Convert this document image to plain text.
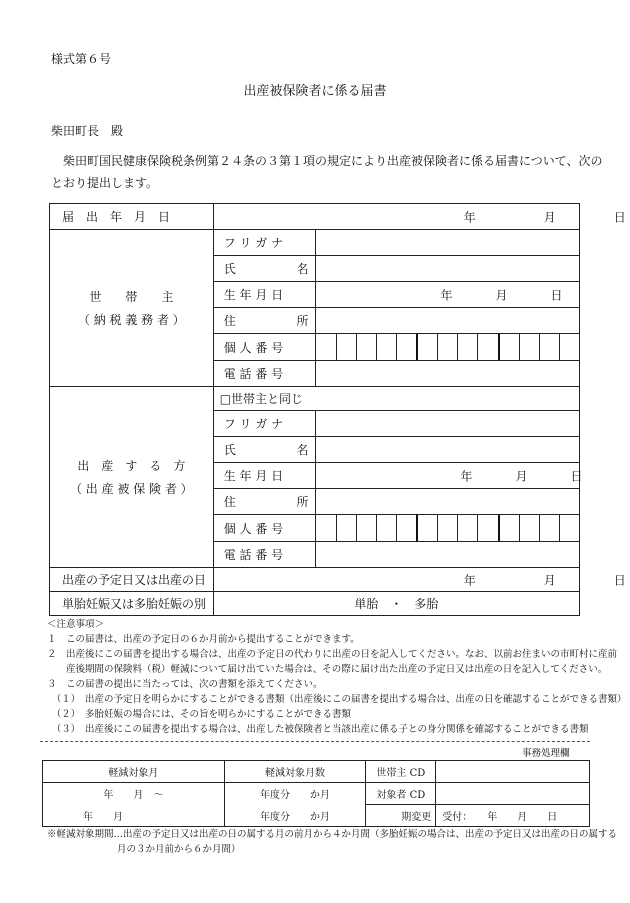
様式第６号
出産被保険者に係る届書
柴田町長　殿
柴田町国民健康保険税条例第２４条の３第１項の規定により出産被保険者に係る届書について、次の
とおり提出します。
届　出　年　月　日	年 月 日	

世　　帯　　主
（ 納 税 義 務 者 ）	フ リ ガ ナ	

	氏 名	

生 年 月 日	年 月 日

	住 所	

個 人 番 号	

電 話 番 号	

出　産　す　る　方
（ 出 産 被 保 険 者 ）	□世帯主と同じ	

フ リ ガ ナ	

	氏 名	

生 年 月 日	年 月 日

	住 所	

個 人 番 号	

電 話 番 号	

出産の予定日又は出産の日	年 月 日	

単胎妊娠又は多胎妊娠の別	単胎　・　多胎	
＜注意事項＞
１　この届書は、出産の予定日の６か月前から提出することができます。
２　出産後にこの届書を提出する場合は、出産の予定日の代わりに出産の日を記入してください。なお、以前お住まいの市町村に産前
　　産後期間の保険料（税）軽減について届け出ていた場合は、その際に届け出た出産の予定日又は出産の日を記入してください。
３　この届書の提出に当たっては、次の書類を添えてください。
　（１）　出産の予定日を明らかにすることができる書類（出産後にこの届書を提出する場合は、出産の日を確認することができる書類）
　（２）　多胎妊娠の場合には、その旨を明らかにすることができる書類
　（３）　出産後にこの届書を提出する場合は、出産した被保険者と当該出産に係る子との身分関係を確認することができる書類
事務処理欄
軽減対象月	軽減対象月数	世帯主 CD	
年　　月　～	年度分　　か月	対象者 CD	
年　　月	年度分　　か月	期変更	受付：　　年　　月　　日
※軽減対象期間…出産の予定日又は出産の日の属する月の前月から４か月間（多胎妊娠の場合は、出産の予定日又は出産の日の属する
月の３か月前から６か月間）
